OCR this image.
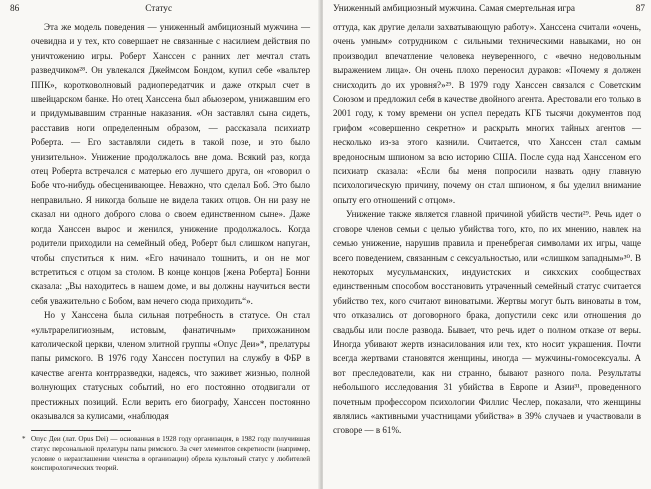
86	Статус

Эта же модель поведения — униженный амбициозный мужчина — очевидна и у тех, кто совершает не связанные с насилием действия по уничтожению игры. Роберт Ханссен с ранних лет мечтал стать разведчиком²⁸. Он увлекался Джеймсом Бондом, купил себе «вальтер ППК», коротковолновый радиопередатчик и даже открыл счет в швейцарском банке. Но отец Ханссена был абьюзером, унижавшим его и придумывавшим странные наказания. «Он заставлял сына сидеть, расставив ноги определенным образом, — рассказала психиатр Роберта. — Его заставляли сидеть в такой позе, и это было унизительно». Унижение продолжалось вне дома. Всякий раз, когда отец Роберта встречался с матерью его лучшего друга, он «говорил о Бобе что-нибудь обесценивающее. Неважно, что сделал Боб. Это было неправильно. Я никогда больше не видела таких отцов. Он ни разу не сказал ни одного доброго слова о своем единственном сыне». Даже когда Ханссен вырос и женился, унижение продолжалось. Когда родители приходили на семейный обед, Роберт был слишком напуган, чтобы спуститься к ним. «Его начинало тошнить, и он не мог встретиться с отцом за столом. В конце концов [жена Роберта] Бонни сказала: „Вы находитесь в нашем доме, и вы должны научиться вести себя уважительно с Бобом, вам нечего сюда приходить“».

Но у Ханссена была сильная потребность в статусе. Он стал «ультрарелигиозным, истовым, фанатичным» прихожанином католической церкви, членом элитной группы «Опус Деи»*, прелатуры папы римского. В 1976 году Ханссен поступил на службу в ФБР в качестве агента контрразведки, надеясь, что заживет жизнью, полной волнующих статусных событий, но его постоянно отодвигали от престижных позиций. Если верить его биографу, Ханссен постоянно оказывался за кулисами, «наблюдая

* Опус Деи (лат. Opus Dei) — основанная в 1928 году организация, в 1982 году получившая статус персональной прелатуры папы римского. За счет элементов секретности (например, условие о неразглашении членства в организации) обрела культовый статус у любителей конспирологических теорий.

Униженный амбициозный мужчина. Самая смертельная игра	87

оттуда, как другие делали захватывающую работу». Ханссена считали «очень, очень умным» сотрудником с сильными техническими навыками, но он производил впечатление человека неуверенного, с «вечно недовольным выражением лица». Он очень плохо переносил дураков: «Почему я должен снисходить до их уровня?»²⁹. В 1979 году Ханссен связался с Советским Союзом и предложил себя в качестве двойного агента. Арестовали его только в 2001 году, к тому времени он успел передать КГБ тысячи документов под грифом «совершенно секретно» и раскрыть многих тайных агентов — несколько из-за этого казнили. Считается, что Ханссен стал самым вредоносным шпионом за всю историю США. После суда над Ханссеном его психиатр сказала: «Если бы меня попросили назвать одну главную психологическую причину, почему он стал шпионом, я бы уделил внимание опыту его отношений с отцом».

Унижение также является главной причиной убийств чести²⁹. Речь идет о сговоре членов семьи с целью убийства того, кто, по их мнению, навлек на семью унижение, нарушив правила и пренебрегая символами их игры, чаще всего поведением, связанным с сексуальностью, или «слишком западным»³⁰. В некоторых мусульманских, индуистских и сикхских сообществах единственным способом восстановить утраченный семейный статус считается убийство тех, кого считают виноватыми. Жертвы могут быть виноваты в том, что отказались от договорного брака, допустили секс или отношения до свадьбы или после развода. Бывает, что речь идет о полном отказе от веры. Иногда убивают жертв изнасилования или тех, кто носит украшения. Почти всегда жертвами становятся женщины, иногда — мужчины-гомосексуалы. А вот преследователи, как ни странно, бывают разного пола. Результаты небольшого исследования 31 убийства в Европе и Азии³¹, проведенного почетным профессором психологии Филлис Чеслер, показали, что женщины являлись «активными участницами убийства» в 39% случаев и участвовали в сговоре — в 61%.
